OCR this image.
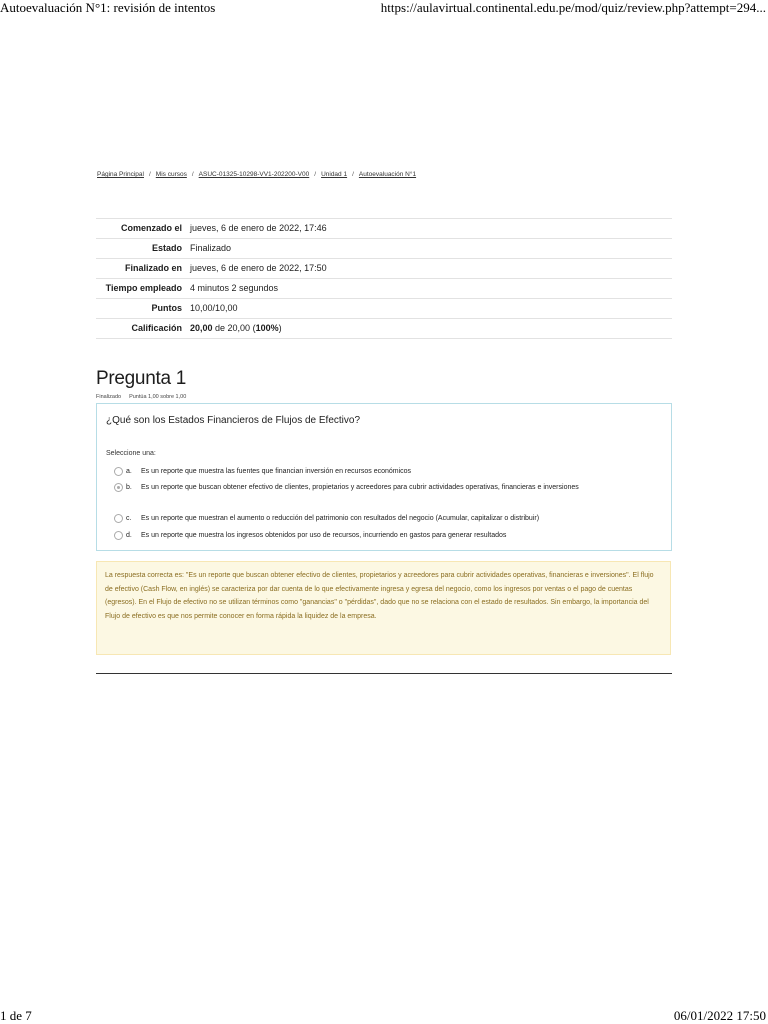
Autoevaluación N°1: revisión de intentos	https://aulavirtual.continental.edu.pe/mod/quiz/review.php?attempt=294...
Página Principal / Mis cursos / ASUC-01325-10298-VV1-202200-V00 / Unidad 1 / Autoevaluación N°1
Comenzado el	jueves, 6 de enero de 2022, 17:46
Estado	Finalizado
Finalizado en	jueves, 6 de enero de 2022, 17:50
Tiempo empleado	4 minutos 2 segundos
Puntos	10,00/10,00
Calificación	20,00 de 20,00 (100%)
Pregunta 1
Finalizado Puntúa 1,00 sobre 1,00
¿Qué son los Estados Financieros de Flujos de Efectivo?
Seleccione una:
a. Es un reporte que muestra las fuentes que financian inversión en recursos económicos
b. Es un reporte que buscan obtener efectivo de clientes, propietarios y acreedores para cubrir actividades operativas, financieras e inversiones
c. Es un reporte que muestran el aumento o reducción del patrimonio con resultados del negocio (Acumular, capitalizar o distribuir)
d. Es un reporte que muestra los ingresos obtenidos por uso de recursos, incurriendo en gastos para generar resultados
La respuesta correcta es: "Es un reporte que buscan obtener efectivo de clientes, propietarios y acreedores para cubrir actividades operativas, financieras e inversiones". El flujo de efectivo (Cash Flow, en inglés) se caracteriza por dar cuenta de lo que efectivamente ingresa y egresa del negocio, como los ingresos por ventas o el pago de cuentas (egresos). En el Flujo de efectivo no se utilizan términos como "ganancias" o "pérdidas", dado que no se relaciona con el estado de resultados. Sin embargo, la importancia del Flujo de efectivo es que nos permite conocer en forma rápida la liquidez de la empresa.
1 de 7	06/01/2022 17:50
